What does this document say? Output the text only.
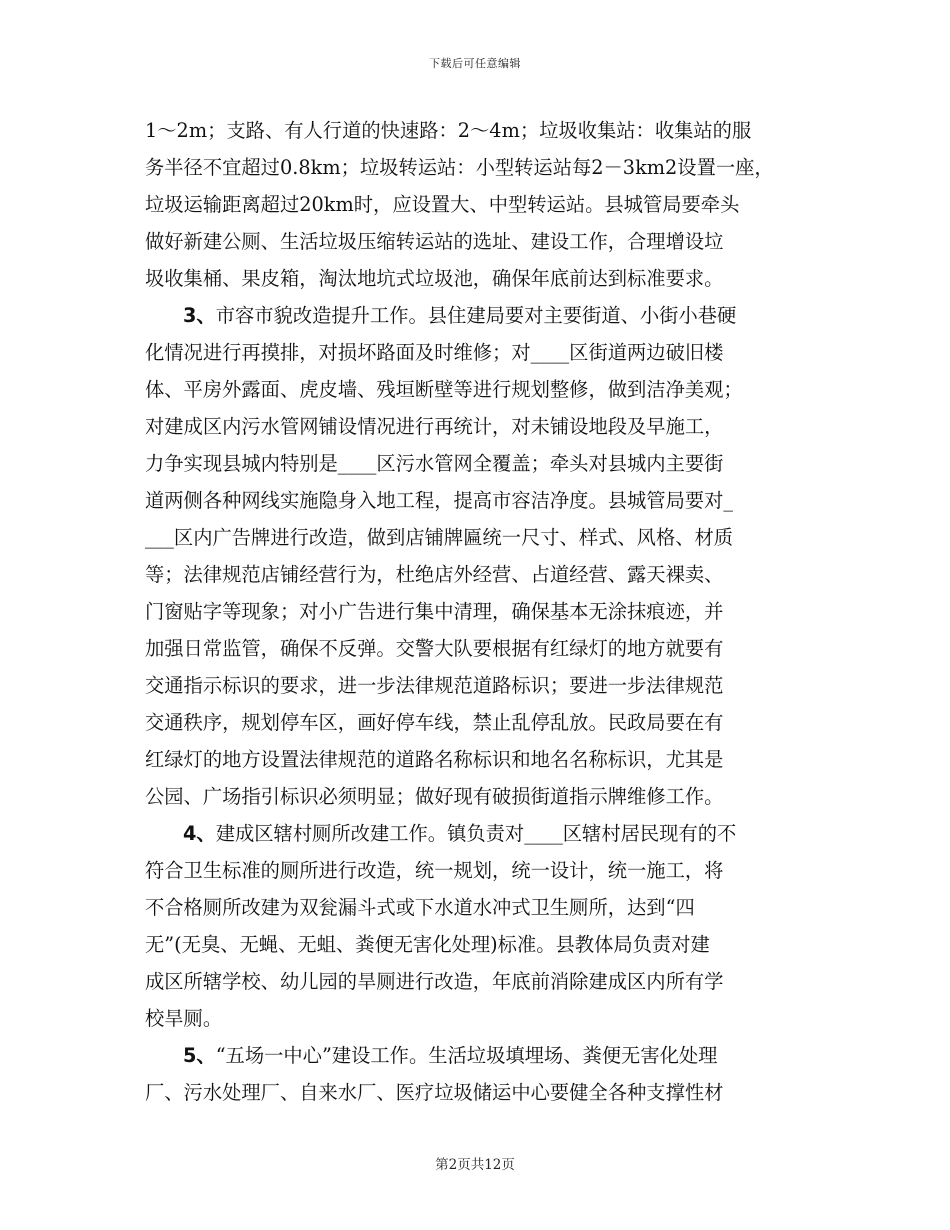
下载后可任意编辑
1～2m；支路、有人行道的快速路：2～4m；垃圾收集站：收集站的服
务半径不宜超过0.8km；垃圾转运站：小型转运站每2－3km2设置一座，
垃圾运输距离超过20km时，应设置大、中型转运站。县城管局要牵头
做好新建公厕、生活垃圾压缩转运站的选址、建设工作，合理增设垃
圾收集桶、果皮箱，淘汰地坑式垃圾池，确保年底前达到标准要求。
3、市容市貌改造提升工作。县住建局要对主要街道、小街小巷硬
化情况进行再摸排，对损坏路面及时维修；对____区街道两边破旧楼
体、平房外露面、虎皮墙、残垣断壁等进行规划整修，做到洁净美观；
对建成区内污水管网铺设情况进行再统计，对未铺设地段及早施工，
力争实现县城内特别是____区污水管网全覆盖；牵头对县城内主要街
道两侧各种网线实施隐身入地工程，提高市容洁净度。县城管局要对_
___区内广告牌进行改造，做到店铺牌匾统一尺寸、样式、风格、材质
等；法律规范店铺经营行为，杜绝店外经营、占道经营、露天裸卖、
门窗贴字等现象；对小广告进行集中清理，确保基本无涂抹痕迹，并
加强日常监管，确保不反弹。交警大队要根据有红绿灯的地方就要有
交通指示标识的要求，进一步法律规范道路标识；要进一步法律规范
交通秩序，规划停车区，画好停车线，禁止乱停乱放。民政局要在有
红绿灯的地方设置法律规范的道路名称标识和地名名称标识，尤其是
公园、广场指引标识必须明显；做好现有破损街道指示牌维修工作。
4、建成区辖村厕所改建工作。镇负责对____区辖村居民现有的不
符合卫生标准的厕所进行改造，统一规划，统一设计，统一施工，将
不合格厕所改建为双瓮漏斗式或下水道水冲式卫生厕所，达到“四
无”(无臭、无蝇、无蛆、粪便无害化处理)标准。县教体局负责对建
成区所辖学校、幼儿园的旱厕进行改造，年底前消除建成区内所有学
校旱厕。
5、“五场一中心”建设工作。生活垃圾填埋场、粪便无害化处理
厂、污水处理厂、自来水厂、医疗垃圾储运中心要健全各种支撑性材
第2页共12页
